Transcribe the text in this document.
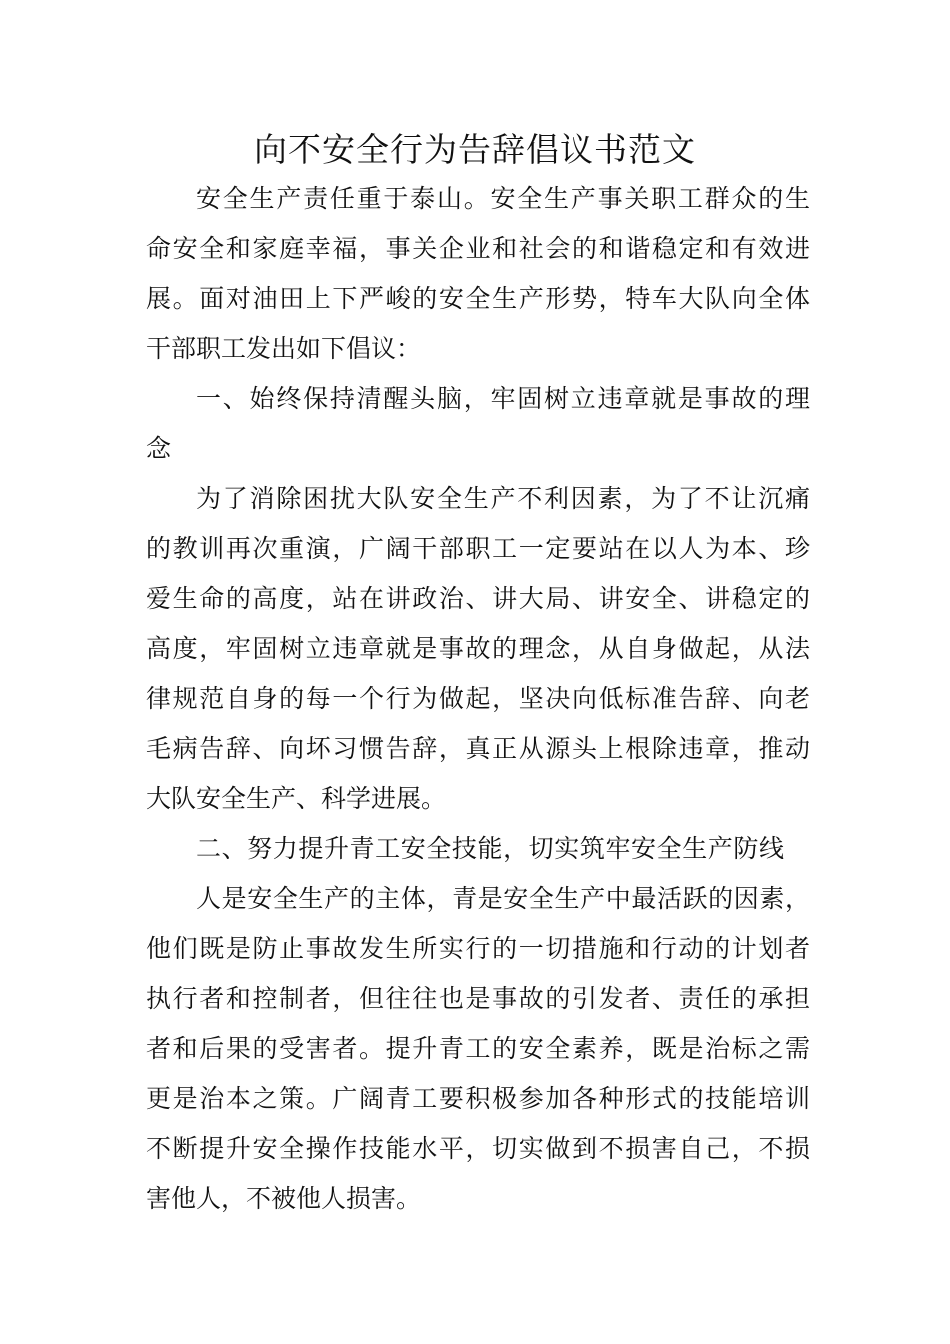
向不安全行为告辞倡议书范文
安全生产责任重于泰山。安全生产事关职工群众的生
命安全和家庭幸福，事关企业和社会的和谐稳定和有效进
展。面对油田上下严峻的安全生产形势，特车大队向全体
干部职工发出如下倡议：
一、始终保持清醒头脑，牢固树立违章就是事故的理
念
为了消除困扰大队安全生产不利因素，为了不让沉痛
的教训再次重演，广阔干部职工一定要站在以人为本、珍
爱生命的高度，站在讲政治、讲大局、讲安全、讲稳定的
高度，牢固树立违章就是事故的理念，从自身做起，从法
律规范自身的每一个行为做起，坚决向低标准告辞、向老
毛病告辞、向坏习惯告辞，真正从源头上根除违章，推动
大队安全生产、科学进展。
二、努力提升青工安全技能，切实筑牢安全生产防线
人是安全生产的主体，青是安全生产中最活跃的因素，
他们既是防止事故发生所实行的一切措施和行动的计划者
执行者和控制者，但往往也是事故的引发者、责任的承担
者和后果的受害者。提升青工的安全素养，既是治标之需
更是治本之策。广阔青工要积极参加各种形式的技能培训
不断提升安全操作技能水平，切实做到不损害自己，不损
害他人，不被他人损害。
